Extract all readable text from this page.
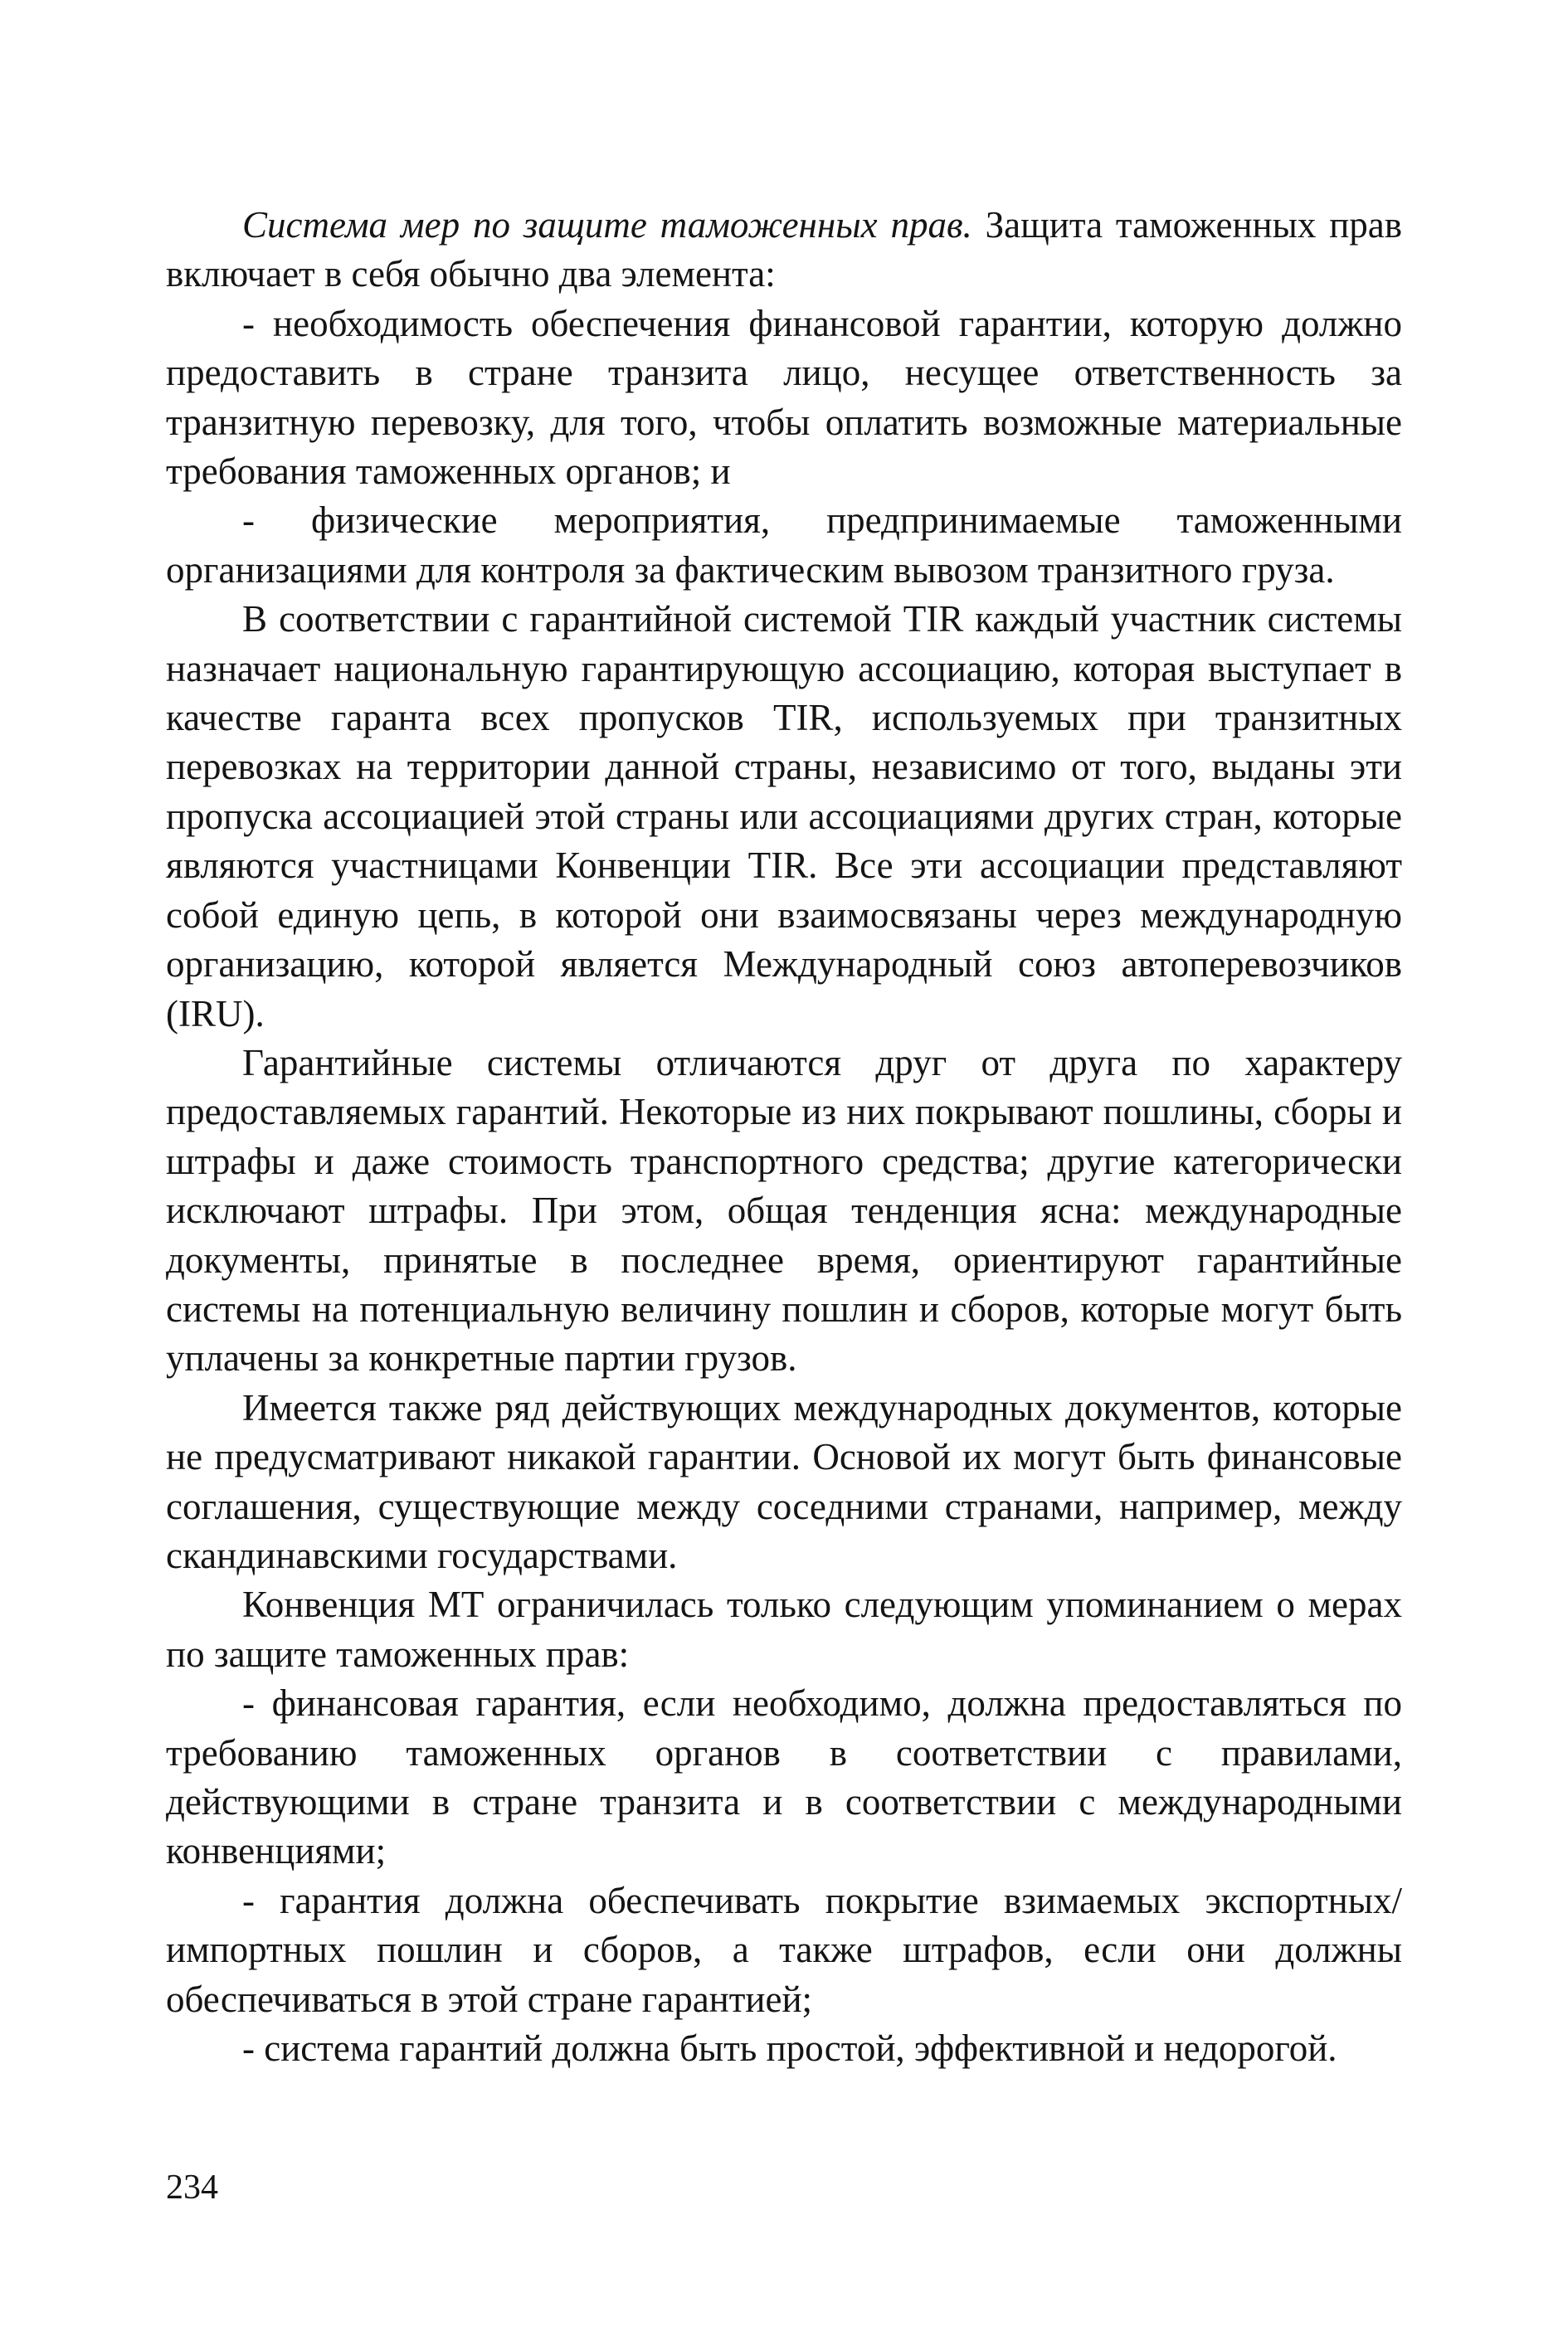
Система мер по защите таможенных прав. Защита таможенных прав включает в себя обычно два элемента:

- необходимость обеспечения финансовой гарантии, которую должно предоставить в стране транзита лицо, несущее ответственность за транзитную перевозку, для того, чтобы оплатить возможные материальные требования таможенных органов; и

- физические мероприятия, предпринимаемые таможенными организациями для контроля за фактическим вывозом транзитного груза.

В соответствии с гарантийной системой TIR каждый участник системы назначает национальную гарантирующую ассоциацию, которая выступает в качестве гаранта всех пропусков TIR, используемых при транзитных перевозках на территории данной страны, независимо от того, выданы эти пропуска ассоциацией этой страны или ассоциациями других стран, которые являются участницами Конвенции TIR. Все эти ассоциации представляют собой единую цепь, в которой они взаимосвязаны через международную организацию, которой является Международный союз автоперевозчиков (IRU).

Гарантийные системы отличаются друг от друга по характеру предоставляемых гарантий. Некоторые из них покрывают пошлины, сборы и штрафы и даже стоимость транспортного средства; другие категорически исключают штрафы. При этом, общая тенденция ясна: международные документы, принятые в последнее время, ориентируют гарантийные системы на потенциальную величину пошлин и сборов, которые могут быть уплачены за конкретные партии грузов.

Имеется также ряд действующих международных документов, которые не предусматривают никакой гарантии. Основой их могут быть финансовые соглашения, существующие между соседними странами, например, между скандинавскими государствами.

Конвенция МТ ограничилась только следующим упоминанием о мерах по защите таможенных прав:

- финансовая гарантия, если необходимо, должна предоставляться по требованию таможенных органов в соответствии с правилами, действующими в стране транзита и в соответствии с международными конвенциями;

- гарантия должна обеспечивать покрытие взимаемых экспортных/импортных пошлин и сборов, а также штрафов, если они должны обеспечиваться в этой стране гарантией;

- система гарантий должна быть простой, эффективной и недорогой.

234
